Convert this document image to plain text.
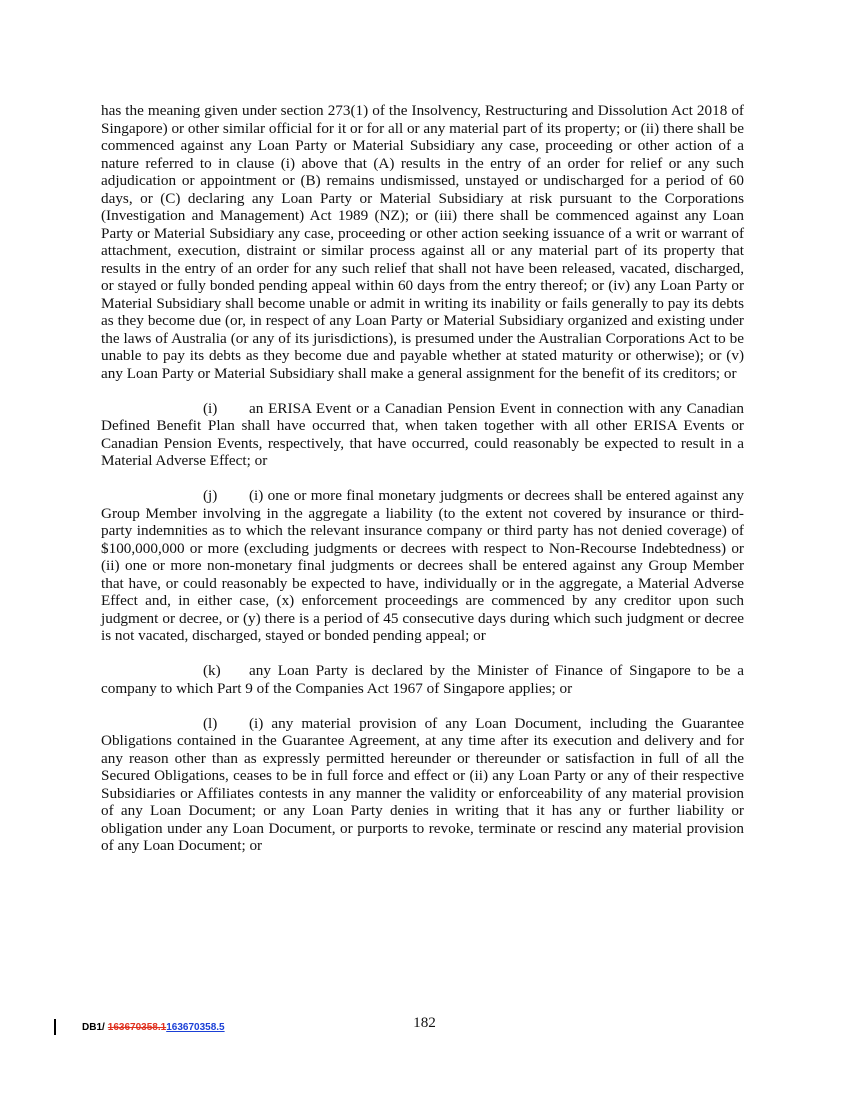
has the meaning given under section 273(1) of the Insolvency, Restructuring and Dissolution Act 2018 of Singapore) or other similar official for it or for all or any material part of its property; or (ii) there shall be commenced against any Loan Party or Material Subsidiary any case, proceeding or other action of a nature referred to in clause (i) above that (A) results in the entry of an order for relief or any such adjudication or appointment or (B) remains undismissed, unstayed or undischarged for a period of 60 days, or (C) declaring any Loan Party or Material Subsidiary at risk pursuant to the Corporations (Investigation and Management) Act 1989 (NZ); or (iii) there shall be commenced against any Loan Party or Material Subsidiary any case, proceeding or other action seeking issuance of a writ or warrant of attachment, execution, distraint or similar process against all or any material part of its property that results in the entry of an order for any such relief that shall not have been released, vacated, discharged, or stayed or fully bonded pending appeal within 60 days from the entry thereof; or (iv) any Loan Party or Material Subsidiary shall become unable or admit in writing its inability or fails generally to pay its debts as they become due (or, in respect of any Loan Party or Material Subsidiary organized and existing under the laws of Australia (or any of its jurisdictions), is presumed under the Australian Corporations Act to be unable to pay its debts as they become due and payable whether at stated maturity or otherwise); or (v) any Loan Party or Material Subsidiary shall make a general assignment for the benefit of its creditors; or

(i) an ERISA Event or a Canadian Pension Event in connection with any Canadian Defined Benefit Plan shall have occurred that, when taken together with all other ERISA Events or Canadian Pension Events, respectively, that have occurred, could reasonably be expected to result in a Material Adverse Effect; or

(j) (i) one or more final monetary judgments or decrees shall be entered against any Group Member involving in the aggregate a liability (to the extent not covered by insurance or third-party indemnities as to which the relevant insurance company or third party has not denied coverage) of $100,000,000 or more (excluding judgments or decrees with respect to Non-Recourse Indebtedness) or (ii) one or more non-monetary final judgments or decrees shall be entered against any Group Member that have, or could reasonably be expected to have, individually or in the aggregate, a Material Adverse Effect and, in either case, (x) enforcement proceedings are commenced by any creditor upon such judgment or decree, or (y) there is a period of 45 consecutive days during which such judgment or decree is not vacated, discharged, stayed or bonded pending appeal; or

(k) any Loan Party is declared by the Minister of Finance of Singapore to be a company to which Part 9 of the Companies Act 1967 of Singapore applies; or

(l) (i) any material provision of any Loan Document, including the Guarantee Obligations contained in the Guarantee Agreement, at any time after its execution and delivery and for any reason other than as expressly permitted hereunder or thereunder or satisfaction in full of all the Secured Obligations, ceases to be in full force and effect or (ii) any Loan Party or any of their respective Subsidiaries or Affiliates contests in any manner the validity or enforceability of any material provision of any Loan Document; or any Loan Party denies in writing that it has any or further liability or obligation under any Loan Document, or purports to revoke, terminate or rescind any material provision of any Loan Document; or

182
DB1/ 163670358.1 163670358.5
